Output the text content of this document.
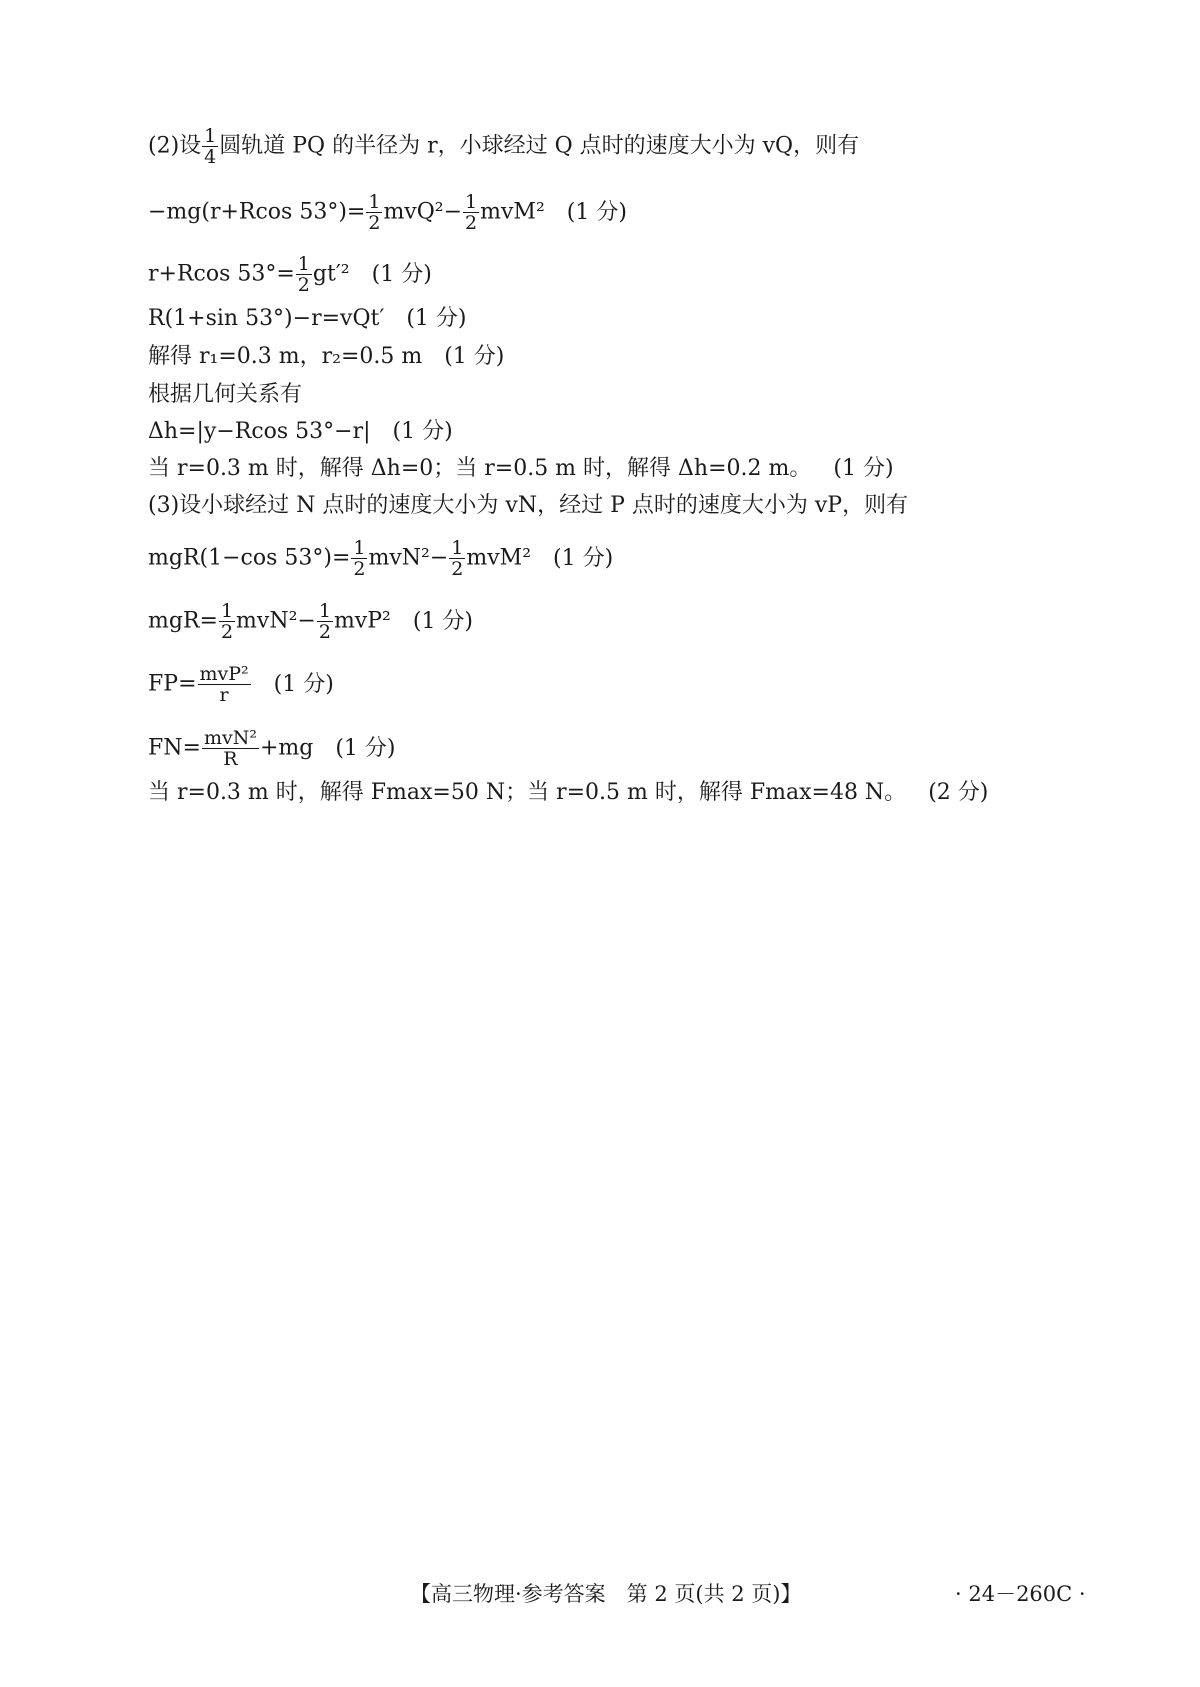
(2)设 $\frac{1}{4}$ 圆轨道 PQ 的半径为 r，小球经过 Q 点时的速度大小为 vQ，则有
−mg(r+Rcos $53^\circ)= \frac{1}{2} mvQ^2- \frac{1}{2} mvM^2$ (1 分)
r+Rcos $53^\circ= \frac{1}{2} gt'^2$ (1 分)
R(1+sin 53°)−r=vQt′ (1 分)
解得 r₁=0.3 m，r₂=0.5 m (1 分)
根据几何关系有
Δh=|y−Rcos 53°−r| (1 分)
当 r=0.3 m 时，解得 Δh=0；当 r=0.5 m 时，解得 Δh=0.2 m。 (1 分)
(3)设小球经过 N 点时的速度大小为 vN，经过 P 点时的速度大小为 vP，则有
mgR(1−cos $53^\circ)= \frac{1}{2} mvN^2- \frac{1}{2} mvM^2$ (1 分)
$mgR= \frac{1}{2} mvN^2- \frac{1}{2} mvP^2$ (1 分)
$FP= \frac{\text{mvP²}}{r} (1$ 分)
$FN= \frac{\text{mvN²}}{R} +mg$ (1 分)
当 r=0.3 m 时，解得 Fmax=50 N；当 r=0.5 m 时，解得 Fmax=48 N。 (2 分)
【高三物理·参考答案　第 2 页(共 2 页)】	· 24－260C ·
